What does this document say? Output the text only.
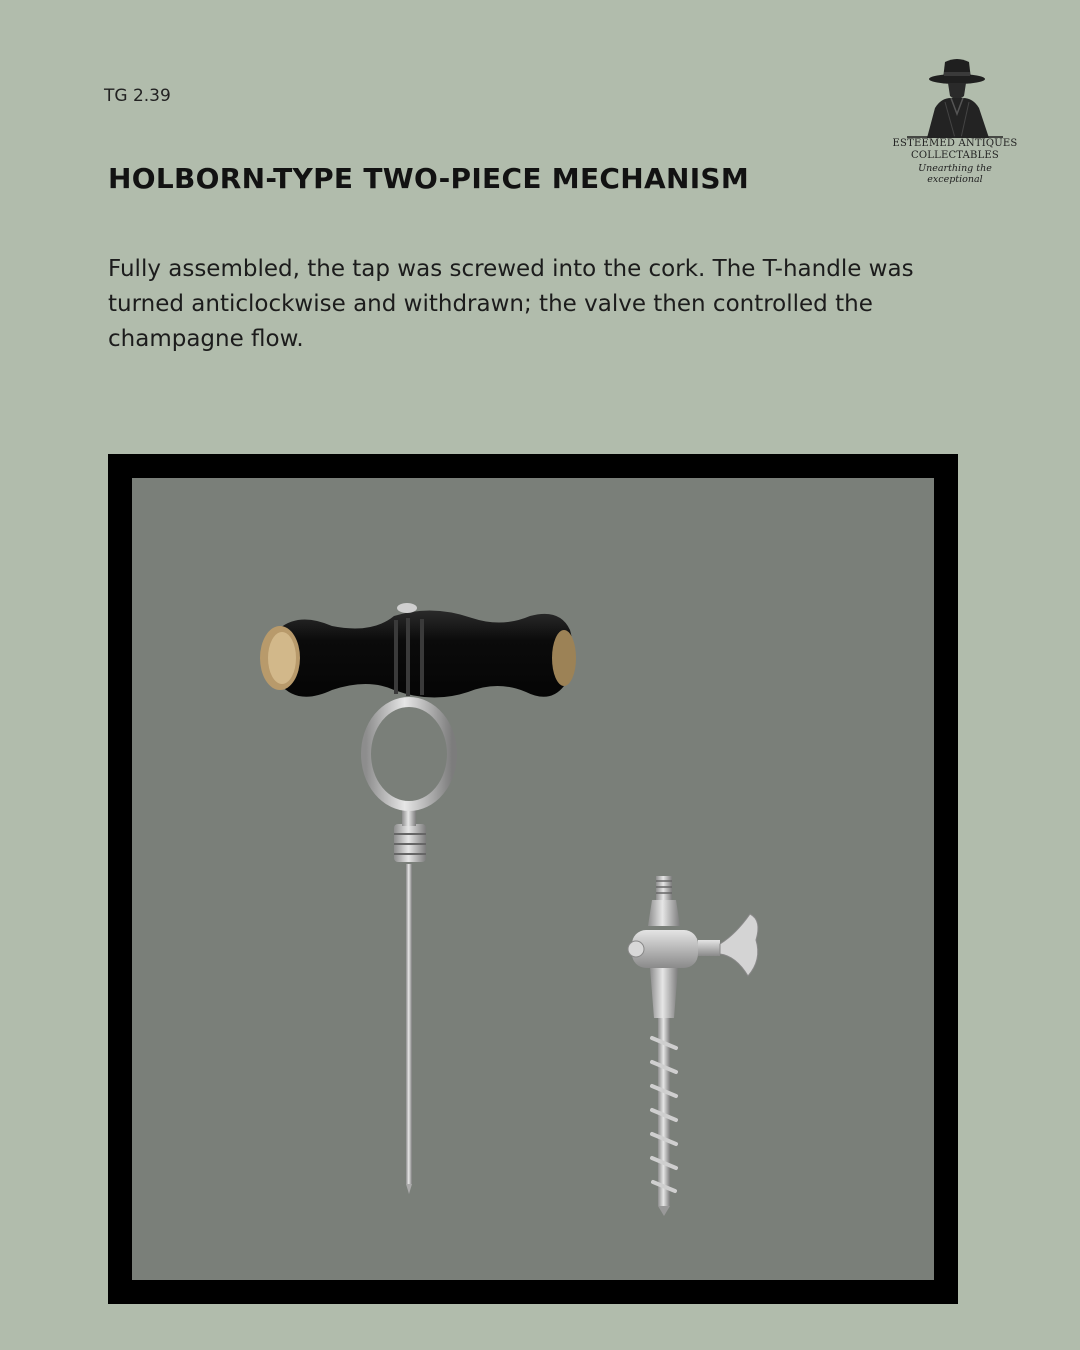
TG 2.39
ESTEEMED ANTIQUES
COLLECTABLES
Unearthing the exceptional
HOLBORN-TYPE TWO-PIECE MECHANISM

Fully assembled, the tap was screwed into the cork. The T-handle was turned anticlockwise and withdrawn; the valve then controlled the champagne flow.
